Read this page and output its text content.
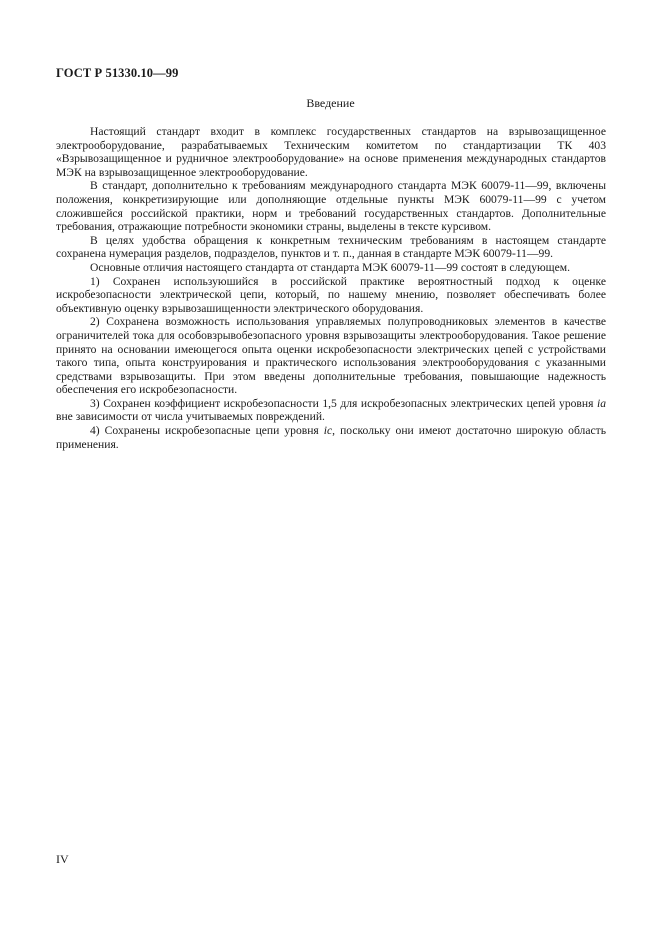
ГОСТ Р 51330.10—99
Введение

Настоящий стандарт входит в комплекс государственных стандартов на взрывозащищенное электрооборудование, разрабатываемых Техническим комитетом по стандартизации ТК 403 «Взрывозащищенное и рудничное электрооборудование» на основе применения международных стандартов МЭК на взрывозащищенное электрооборудование.

В стандарт, дополнительно к требованиям международного стандарта МЭК 60079-11—99, включены положения, конкретизирующие или дополняющие отдельные пункты МЭК 60079-11—99 с учетом сложившейся российской практики, норм и требований государственных стандартов. Дополнительные требования, отражающие потребности экономики страны, выделены в тексте курсивом.

В целях удобства обращения к конкретным техническим требованиям в настоящем стандарте сохранена нумерация разделов, подразделов, пунктов и т. п., данная в стандарте МЭК 60079-11—99.

Основные отличия настоящего стандарта от стандарта МЭК 60079-11—99 состоят в следующем.

1) Сохранен используюшийся в российской практике вероятностный подход к оценке искробезопасности электрической цепи, который, по нашему мнению, позволяет обеспечивать более объективную оценку взрывозашищенности электрического оборудования.

2) Сохранена возможность использования управляемых полупроводниковых элементов в качестве ограничителей тока для особовзрывобезопасного уровня взрывозащиты электрооборудования. Такое решение принято на основании имеющегося опыта оценки искробезопасности электрических цепей с устройствами такого типа, опыта конструирования и практического использования электрооборудования с указанными средствами взрывозащиты. При этом введены дополнительные требования, повышающие надежность обеспечения его искробезопасности.

3) Сохранен коэффициент искробезопасности 1,5 для искробезопасных электрических цепей уровня ia вне зависимости от числа учитываемых повреждений.

4) Сохранены искробезопасные цепи уровня ic, поскольку они имеют достаточно широкую область применения.

IV
